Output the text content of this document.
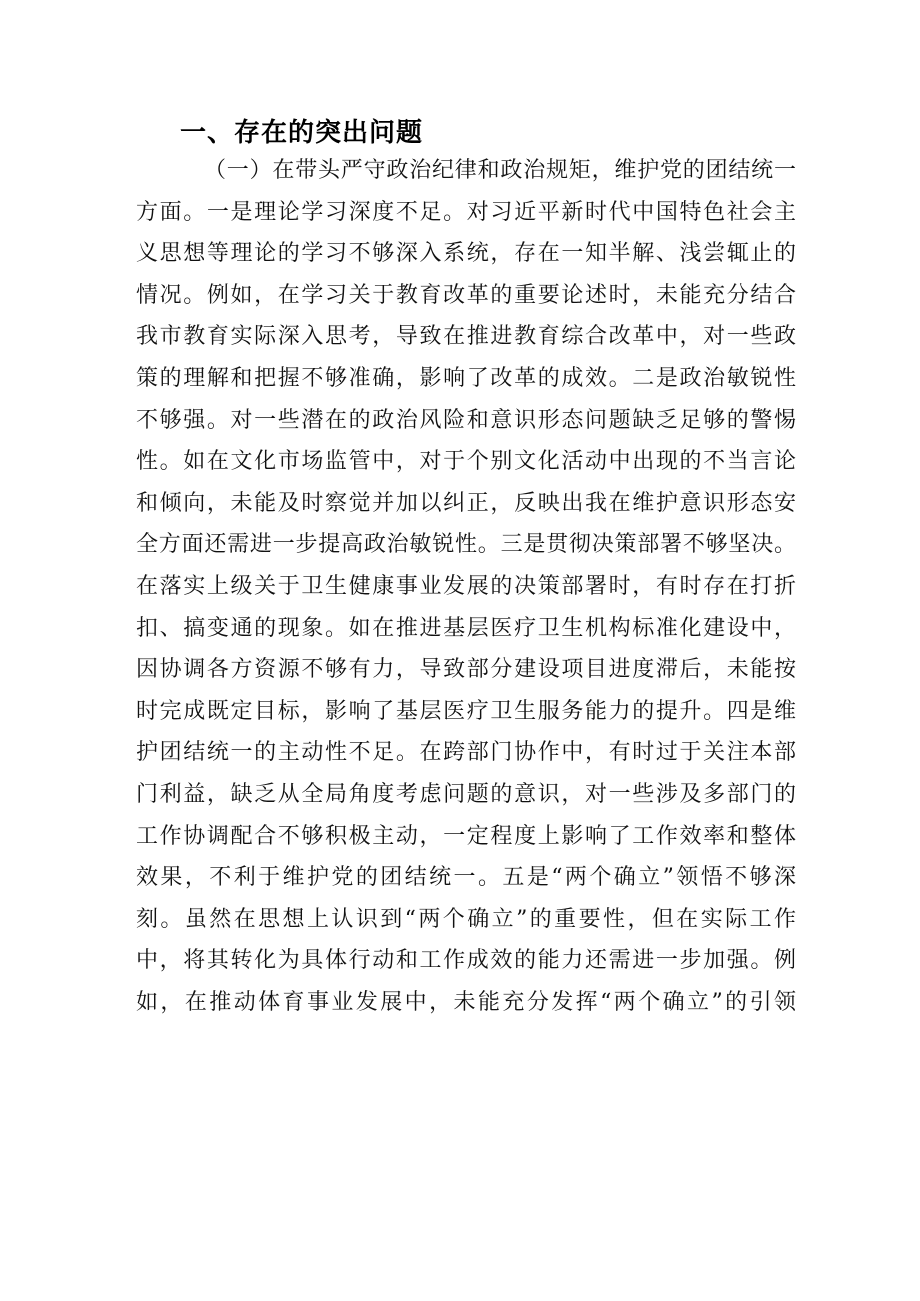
一、存在的突出问题
（一）在带头严守政治纪律和政治规矩，维护党的团结统一
方面。一是理论学习深度不足。对习近平新时代中国特色社会主
义思想等理论的学习不够深入系统，存在一知半解、浅尝辄止的
情况。例如，在学习关于教育改革的重要论述时，未能充分结合
我市教育实际深入思考，导致在推进教育综合改革中，对一些政
策的理解和把握不够准确，影响了改革的成效。二是政治敏锐性
不够强。对一些潜在的政治风险和意识形态问题缺乏足够的警惕
性。如在文化市场监管中，对于个别文化活动中出现的不当言论
和倾向，未能及时察觉并加以纠正，反映出我在维护意识形态安
全方面还需进一步提高政治敏锐性。三是贯彻决策部署不够坚决。
在落实上级关于卫生健康事业发展的决策部署时，有时存在打折
扣、搞变通的现象。如在推进基层医疗卫生机构标准化建设中，
因协调各方资源不够有力，导致部分建设项目进度滞后，未能按
时完成既定目标，影响了基层医疗卫生服务能力的提升。四是维
护团结统一的主动性不足。在跨部门协作中，有时过于关注本部
门利益，缺乏从全局角度考虑问题的意识，对一些涉及多部门的
工作协调配合不够积极主动，一定程度上影响了工作效率和整体
效果，不利于维护党的团结统一。五是“两个确立”领悟不够深
刻。虽然在思想上认识到“两个确立”的重要性，但在实际工作
中，将其转化为具体行动和工作成效的能力还需进一步加强。例
如，在推动体育事业发展中，未能充分发挥“两个确立”的引领
